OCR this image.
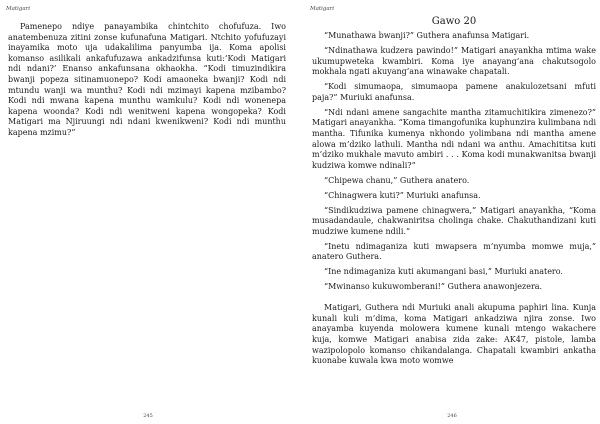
Matigari

Pamenepo ndiye panayambika chintchito chofufuza. Iwo anatembenuza zitini zonse kufunafuna Matigari. Ntchito yofufuzayi inayamika moto uja udakalilima panyumba ija. Koma apolisi komanso asilikali ankafufuzawa ankadzifunsa kuti:‘Kodi Matigari ndi ndani?’ Enanso ankafunsana okhaokha. “Kodi timuzindikira bwanji popeza sitinamuonepo? Kodi amaoneka bwanji? Kodi ndi mtundu wanji wa munthu? Kodi ndi mzimayi kapena mzibambo? Kodi ndi mwana kapena munthu wamkulu? Kodi ndi wonenepa kapena woonda? Kodi ndi wenitweni kapena wongopeka? Kodi Matigari ma Njiruungi ndi ndani kwenikweni? Kodi ndi munthu kapena mzimu?”

245
Matigari
Gawo 20

“Munathawa bwanji?” Guthera anafunsa Matigari.

“Ndinathawa kudzera pawindo!” Matigari anayankha mtima wake ukumupweteka kwambiri. Koma iye anayang’ana chakutsogolo mokhala ngati akuyang’ana winawake chapatali.

“Kodi simumaopa, simumaopa pamene anakulozetsani mfuti paja?” Muriuki anafunsa.

“Ndi ndani amene sangachite mantha zitamuchitikira zimenezo?” Matigari anayankha. “Koma timangofunika kuphunzira kulimbana ndi mantha. Tifunika kumenya nkhondo yolimbana ndi mantha amene alowa m’dziko lathuli. Mantha ndi ndani wa anthu. Amachititsa kuti m’dziko mukhale mavuto ambiri . . . Koma kodi munakwanitsa bwanji kudziwa komwe ndinali?”

“Chipewa chanu,” Guthera anatero.

“Chinagwera kuti?” Muriuki anafunsa.

“Sindikudziwa pamene chinagwera,” Matigari anayankha, “Koma musadandaule, chakwaniritsa cholinga chake. Chakuthandizani kuti mudziwe kumene ndili.”

“Inetu ndimaganiza kuti mwapsera m’nyumba momwe muja,” anatero Guthera.

“Ine ndimaganiza kuti akumangani basi,” Muriuki anatero.

“Mwinanso kukuwomberani!” Guthera anawonjezera.

Matigari, Guthera ndi Muriuki anali akupuma paphiri lina. Kunja kunali kuli m’dima, koma Matigari ankadziwa njira zonse. Iwo anayamba kuyenda molowera kumene kunali mtengo wakachere kuja, komwe Matigari anabisa zida zake: AK47, pistole, lamba wazipolopolo komanso chikandalanga. Chapatali kwambiri ankatha kuonabe kuwala kwa moto womwe

246
